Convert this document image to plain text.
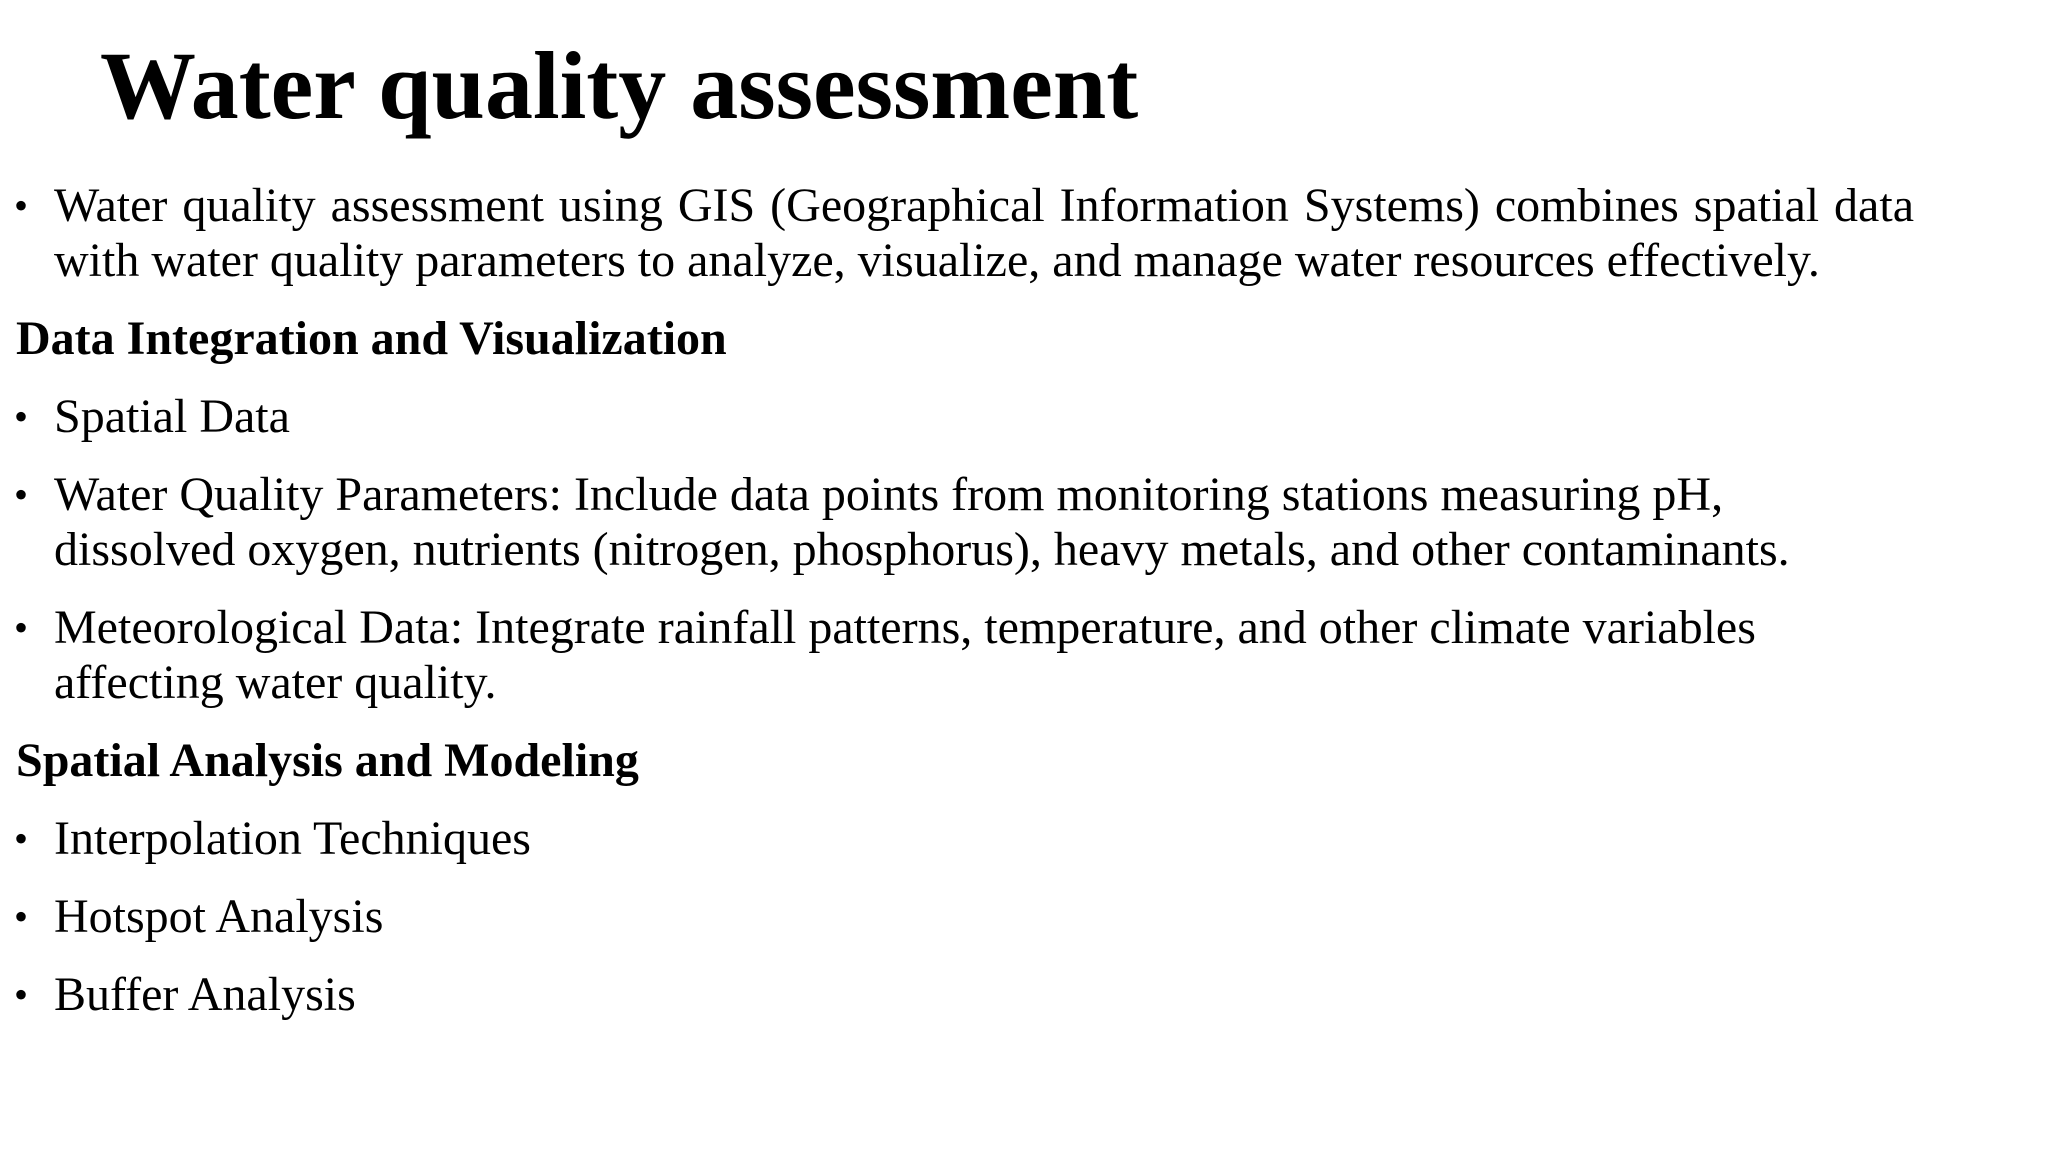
Water quality assessment
• Water quality assessment using GIS (Geographical Information Systems) combines spatial data with water quality parameters to analyze, visualize, and manage water resources effectively.
Data Integration and Visualization
• Spatial Data
• Water Quality Parameters: Include data points from monitoring stations measuring pH, dissolved oxygen, nutrients (nitrogen, phosphorus), heavy metals, and other contaminants.
• Meteorological Data: Integrate rainfall patterns, temperature, and other climate variables affecting water quality.
Spatial Analysis and Modeling
• Interpolation Techniques
• Hotspot Analysis
• Buffer Analysis
